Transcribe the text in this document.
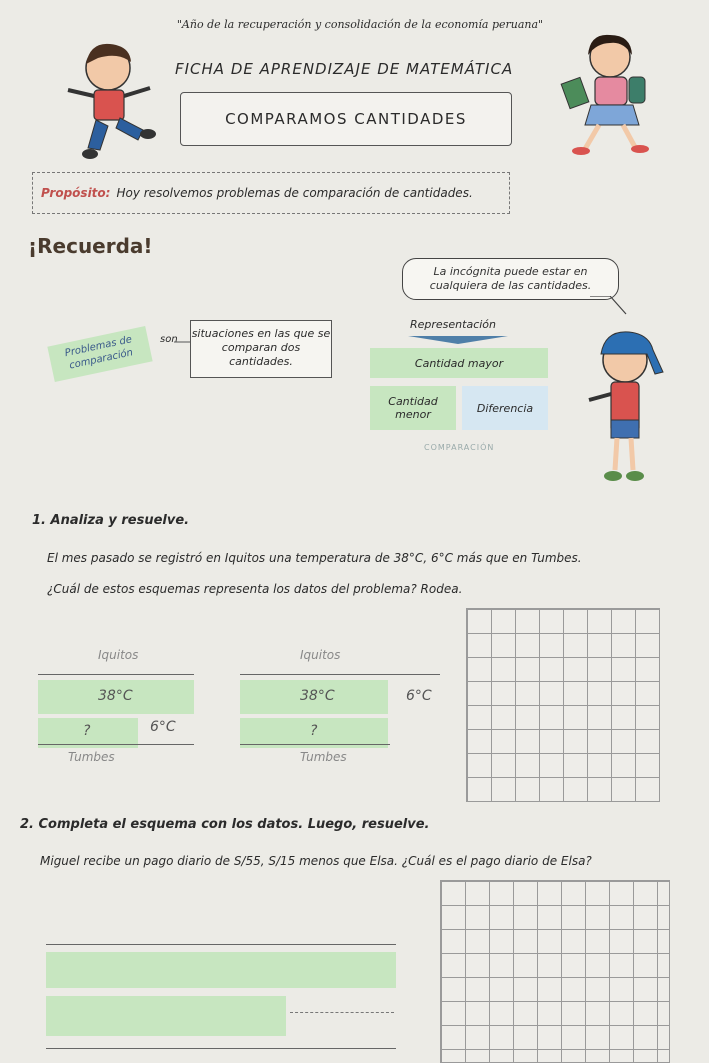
"Año de la recuperación y consolidación de la economía peruana"
FICHA DE APRENDIZAJE DE MATEMÁTICA
COMPARAMOS CANTIDADES
Propósito: Hoy resolvemos problemas de comparación de cantidades.
¡Recuerda!
La incógnita puede estar en cualquiera de las cantidades.
Problemas de comparación
son situaciones en las que se comparan dos cantidades.
Representación
Cantidad mayor
Cantidad menor	Diferencia
COMPARACIÓN
1. Analiza y resuelve.
El mes pasado se registró en Iquitos una temperatura de 38°C, 6°C más que en Tumbes.
¿Cuál de estos esquemas representa los datos del problema? Rodea.
Iquitos
38°C
?	6°C
Tumbes
Iquitos
38°C	6°C
?
Tumbes
2. Completa el esquema con los datos. Luego, resuelve.
Miguel recibe un pago diario de S/55, S/15 menos que Elsa. ¿Cuál es el pago diario de Elsa?
